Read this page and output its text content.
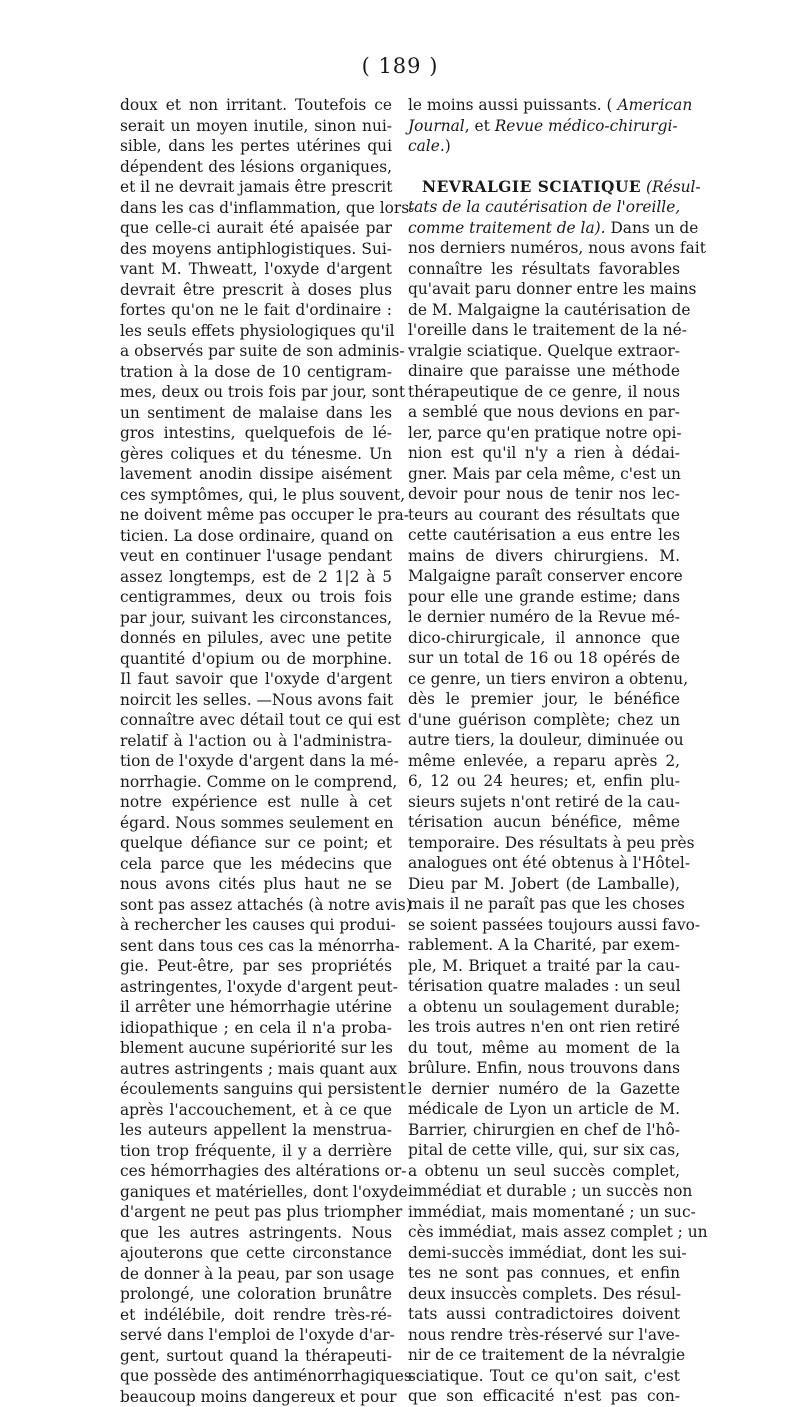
( 189 )
doux et non irritant. Toutefois ce
serait un moyen inutile, sinon nui-
sible, dans les pertes utérines qui
dépendent des lésions organiques,
et il ne devrait jamais être prescrit
dans les cas d'inflammation, que lors-
que celle-ci aurait été apaisée par
des moyens antiphlogistiques. Sui-
vant M. Thweatt, l'oxyde d'argent
devrait être prescrit à doses plus
fortes qu'on ne le fait d'ordinaire :
les seuls effets physiologiques qu'il
a observés par suite de son adminis-
tration à la dose de 10 centigram-
mes, deux ou trois fois par jour, sont
un sentiment de malaise dans les
gros intestins, quelquefois de lé-
gères coliques et du ténesme. Un
lavement anodin dissipe aisément
ces symptômes, qui, le plus souvent,
ne doivent même pas occuper le pra-
ticien. La dose ordinaire, quand on
veut en continuer l'usage pendant
assez longtemps, est de 2 1|2 à 5
centigrammes, deux ou trois fois
par jour, suivant les circonstances,
donnés en pilules, avec une petite
quantité d'opium ou de morphine.
Il faut savoir que l'oxyde d'argent
noircit les selles. —Nous avons fait
connaître avec détail tout ce qui est
relatif à l'action ou à l'administra-
tion de l'oxyde d'argent dans la mé-
norrhagie. Comme on le comprend,
notre expérience est nulle à cet
égard. Nous sommes seulement en
quelque défiance sur ce point; et
cela parce que les médecins que
nous avons cités plus haut ne se
sont pas assez attachés (à notre avis)
à rechercher les causes qui produi-
sent dans tous ces cas la ménorrha-
gie. Peut-être, par ses propriétés
astringentes, l'oxyde d'argent peut-
il arrêter une hémorrhagie utérine
idiopathique ; en cela il n'a proba-
blement aucune supériorité sur les
autres astringents ; mais quant aux
écoulements sanguins qui persistent
après l'accouchement, et à ce que
les auteurs appellent la menstrua-
tion trop fréquente, il y a derrière
ces hémorrhagies des altérations or-
ganiques et matérielles, dont l'oxyde
d'argent ne peut pas plus triompher
que les autres astringents. Nous
ajouterons que cette circonstance
de donner à la peau, par son usage
prolongé, une coloration brunâtre
et indélébile, doit rendre très-ré-
servé dans l'emploi de l'oxyde d'ar-
gent, surtout quand la thérapeuti-
que possède des antiménorrhagiques
beaucoup moins dangereux et pour
le moins aussi puissants. ( American
Journal, et Revue médico-chirurgi-
cale.)
NEVRALGIE SCIATIQUE (Résul-
tats de la cautérisation de l'oreille,
comme traitement de la). Dans un de
nos derniers numéros, nous avons fait
connaître les résultats favorables
qu'avait paru donner entre les mains
de M. Malgaigne la cautérisation de
l'oreille dans le traitement de la né-
vralgie sciatique. Quelque extraor-
dinaire que paraisse une méthode
thérapeutique de ce genre, il nous
a semblé que nous devions en par-
ler, parce qu'en pratique notre opi-
nion est qu'il n'y a rien à dédai-
gner. Mais par cela même, c'est un
devoir pour nous de tenir nos lec-
teurs au courant des résultats que
cette cautérisation a eus entre les
mains de divers chirurgiens. M.
Malgaigne paraît conserver encore
pour elle une grande estime; dans
le dernier numéro de la Revue mé-
dico-chirurgicale, il annonce que
sur un total de 16 ou 18 opérés de
ce genre, un tiers environ a obtenu,
dès le premier jour, le bénéfice
d'une guérison complète; chez un
autre tiers, la douleur, diminuée ou
même enlevée, a reparu après 2,
6, 12 ou 24 heures; et, enfin plu-
sieurs sujets n'ont retiré de la cau-
térisation aucun bénéfice, même
temporaire. Des résultats à peu près
analogues ont été obtenus à l'Hôtel-
Dieu par M. Jobert (de Lamballe),
mais il ne paraît pas que les choses
se soient passées toujours aussi favo-
rablement. A la Charité, par exem-
ple, M. Briquet a traité par la cau-
térisation quatre malades : un seul
a obtenu un soulagement durable;
les trois autres n'en ont rien retiré
du tout, même au moment de la
brûlure. Enfin, nous trouvons dans
le dernier numéro de la Gazette
médicale de Lyon un article de M.
Barrier, chirurgien en chef de l'hô-
pital de cette ville, qui, sur six cas,
a obtenu un seul succès complet,
immédiat et durable ; un succès non
immédiat, mais momentané ; un suc-
cès immédiat, mais assez complet ; un
demi-succès immédiat, dont les sui-
tes ne sont pas connues, et enfin
deux insuccès complets. Des résul-
tats aussi contradictoires doivent
nous rendre très-réservé sur l'ave-
nir de ce traitement de la névralgie
sciatique. Tout ce qu'on sait, c'est
que son efficacité n'est pas con-
